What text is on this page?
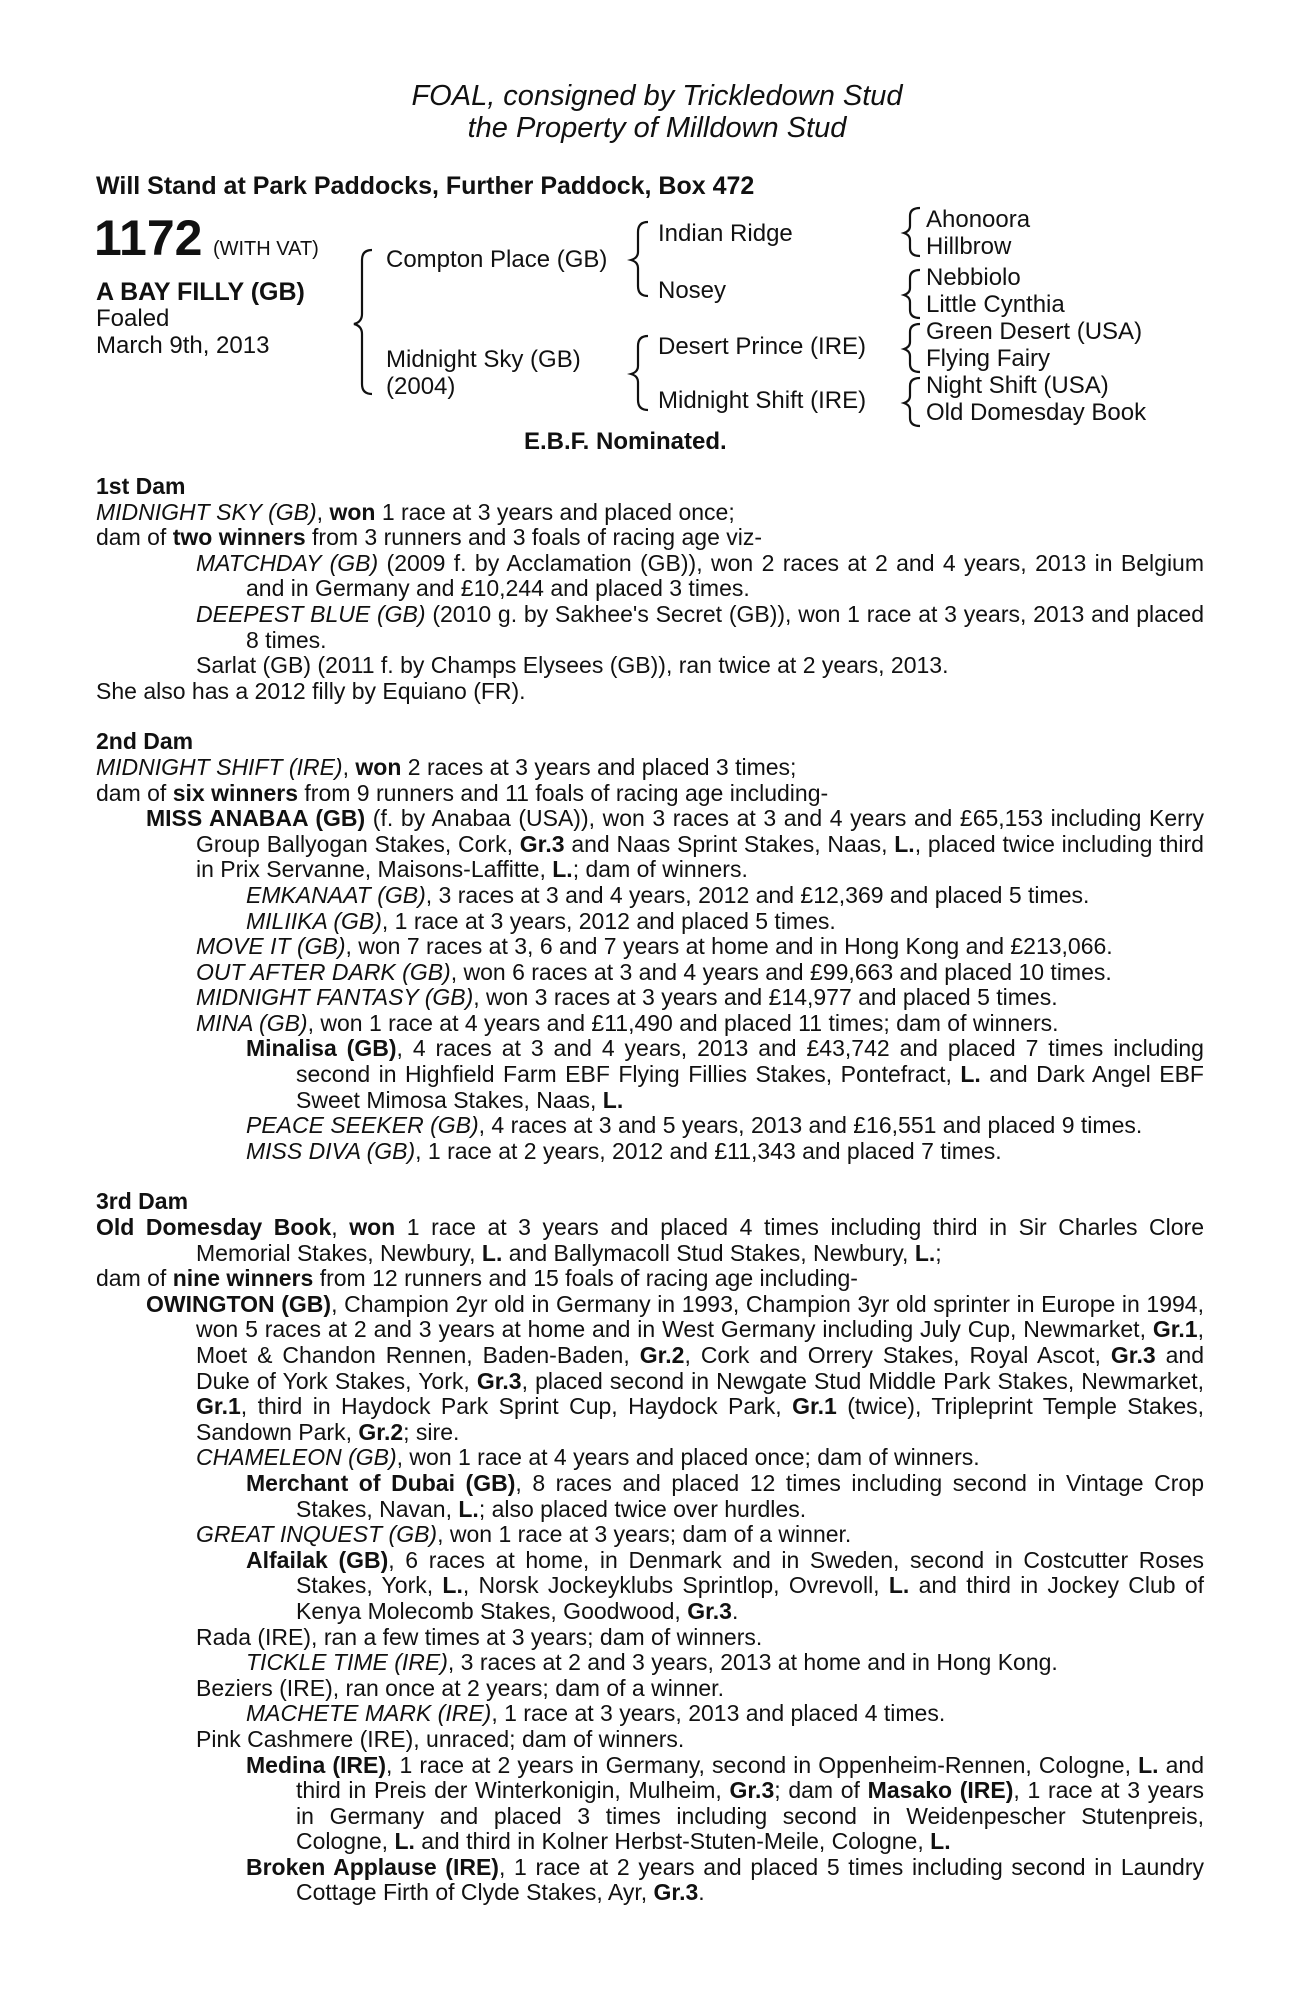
FOAL, consigned by Trickledown Stud
the Property of Milldown Stud
Will Stand at Park Paddocks, Further Paddock, Box 472
1172 (WITH VAT)
A BAY FILLY (GB)
Foaled
March 9th, 2013
Compton Place (GB)
Midnight Sky (GB)
(2004)
Indian Ridge
Nosey
Desert Prince (IRE)
Midnight Shift (IRE)
Ahonoora
Hillbrow
Nebbiolo
Little Cynthia
Green Desert (USA)
Flying Fairy
Night Shift (USA)
Old Domesday Book
E.B.F. Nominated.
1st Dam

MIDNIGHT SKY (GB), won 1 race at 3 years and placed once;

dam of two winners from 3 runners and 3 foals of racing age viz-

MATCHDAY (GB) (2009 f. by Acclamation (GB)), won 2 races at 2 and 4 years, 2013 in Belgium and in Germany and £10,244 and placed 3 times.

DEEPEST BLUE (GB) (2010 g. by Sakhee's Secret (GB)), won 1 race at 3 years, 2013 and placed 8 times.

Sarlat (GB) (2011 f. by Champs Elysees (GB)), ran twice at 2 years, 2013.

She also has a 2012 filly by Equiano (FR).

2nd Dam

MIDNIGHT SHIFT (IRE), won 2 races at 3 years and placed 3 times;

dam of six winners from 9 runners and 11 foals of racing age including-

MISS ANABAA (GB) (f. by Anabaa (USA)), won 3 races at 3 and 4 years and £65,153 including Kerry Group Ballyogan Stakes, Cork, Gr.3 and Naas Sprint Stakes, Naas, L., placed twice including third in Prix Servanne, Maisons-Laffitte, L.; dam of winners.

EMKANAAT (GB), 3 races at 3 and 4 years, 2012 and £12,369 and placed 5 times.

MILIIKA (GB), 1 race at 3 years, 2012 and placed 5 times.

MOVE IT (GB), won 7 races at 3, 6 and 7 years at home and in Hong Kong and £213,066.

OUT AFTER DARK (GB), won 6 races at 3 and 4 years and £99,663 and placed 10 times.

MIDNIGHT FANTASY (GB), won 3 races at 3 years and £14,977 and placed 5 times.

MINA (GB), won 1 race at 4 years and £11,490 and placed 11 times; dam of winners.

Minalisa (GB), 4 races at 3 and 4 years, 2013 and £43,742 and placed 7 times including second in Highfield Farm EBF Flying Fillies Stakes, Pontefract, L. and Dark Angel EBF Sweet Mimosa Stakes, Naas, L.

PEACE SEEKER (GB), 4 races at 3 and 5 years, 2013 and £16,551 and placed 9 times.

MISS DIVA (GB), 1 race at 2 years, 2012 and £11,343 and placed 7 times.

3rd Dam

Old Domesday Book, won 1 race at 3 years and placed 4 times including third in Sir Charles Clore Memorial Stakes, Newbury, L. and Ballymacoll Stud Stakes, Newbury, L.;

dam of nine winners from 12 runners and 15 foals of racing age including-

OWINGTON (GB), Champion 2yr old in Germany in 1993, Champion 3yr old sprinter in Europe in 1994, won 5 races at 2 and 3 years at home and in West Germany including July Cup, Newmarket, Gr.1, Moet & Chandon Rennen, Baden-Baden, Gr.2, Cork and Orrery Stakes, Royal Ascot, Gr.3 and Duke of York Stakes, York, Gr.3, placed second in Newgate Stud Middle Park Stakes, Newmarket, Gr.1, third in Haydock Park Sprint Cup, Haydock Park, Gr.1 (twice), Tripleprint Temple Stakes, Sandown Park, Gr.2; sire.

CHAMELEON (GB), won 1 race at 4 years and placed once; dam of winners.

Merchant of Dubai (GB), 8 races and placed 12 times including second in Vintage Crop Stakes, Navan, L.; also placed twice over hurdles.

GREAT INQUEST (GB), won 1 race at 3 years; dam of a winner.

Alfailak (GB), 6 races at home, in Denmark and in Sweden, second in Costcutter Roses Stakes, York, L., Norsk Jockeyklubs Sprintlop, Ovrevoll, L. and third in Jockey Club of Kenya Molecomb Stakes, Goodwood, Gr.3.

Rada (IRE), ran a few times at 3 years; dam of winners.

TICKLE TIME (IRE), 3 races at 2 and 3 years, 2013 at home and in Hong Kong.

Beziers (IRE), ran once at 2 years; dam of a winner.

MACHETE MARK (IRE), 1 race at 3 years, 2013 and placed 4 times.

Pink Cashmere (IRE), unraced; dam of winners.

Medina (IRE), 1 race at 2 years in Germany, second in Oppenheim-Rennen, Cologne, L. and third in Preis der Winterkonigin, Mulheim, Gr.3; dam of Masako (IRE), 1 race at 3 years in Germany and placed 3 times including second in Weidenpescher Stutenpreis, Cologne, L. and third in Kolner Herbst-Stuten-Meile, Cologne, L.

Broken Applause (IRE), 1 race at 2 years and placed 5 times including second in Laundry Cottage Firth of Clyde Stakes, Ayr, Gr.3.
